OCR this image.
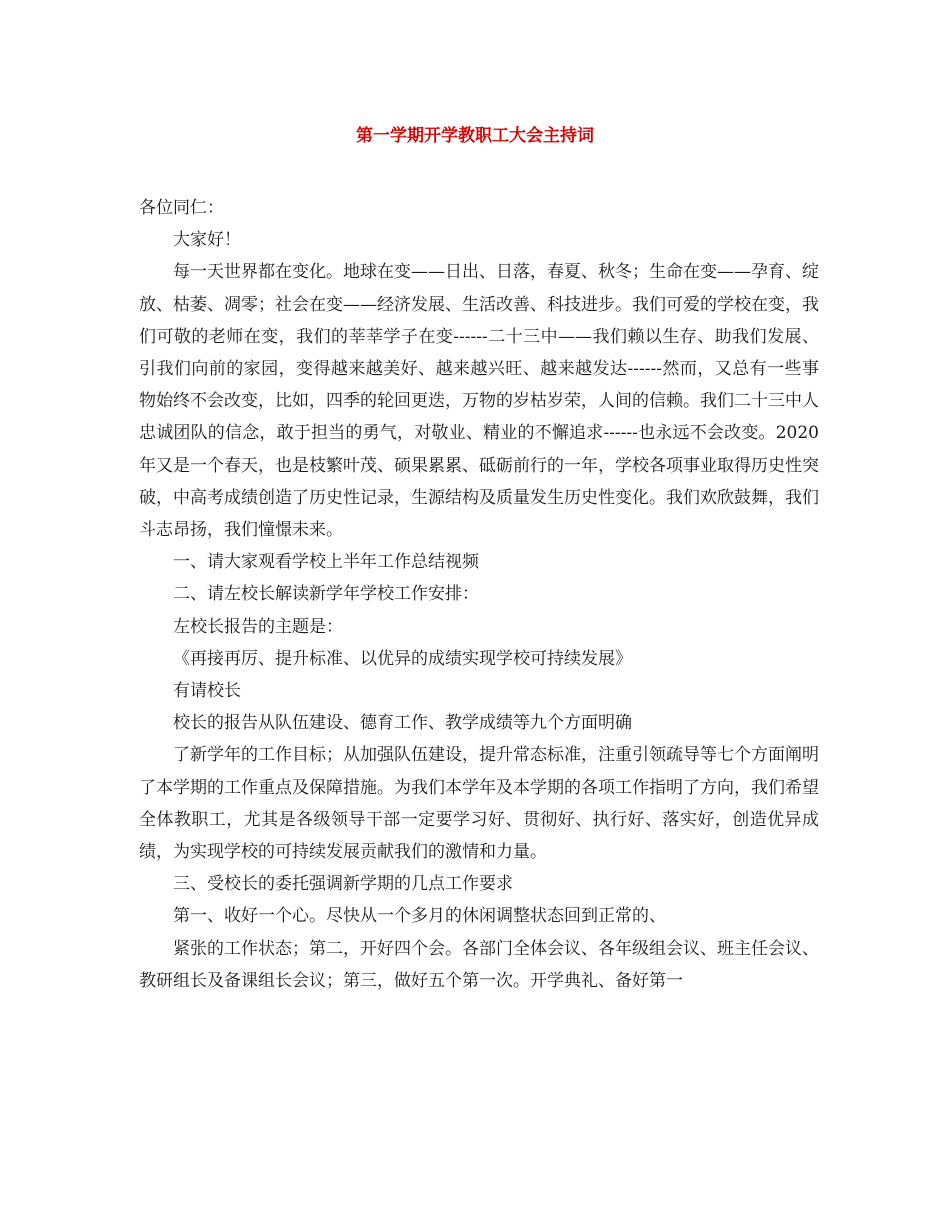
第一学期开学教职工大会主持词

各位同仁：

大家好！

每一天世界都在变化。地球在变——日出、日落，春夏、秋冬；生命在变——孕育、绽放、枯萎、凋零；社会在变——经济发展、生活改善、科技进步。我们可爱的学校在变，我们可敬的老师在变，我们的莘莘学子在变------二十三中——我们赖以生存、助我们发展、引我们向前的家园，变得越来越美好、越来越兴旺、越来越发达------然而，又总有一些事物始终不会改变，比如，四季的轮回更迭，万物的岁枯岁荣，人间的信赖。我们二十三中人忠诚团队的信念，敢于担当的勇气，对敬业、精业的不懈追求------也永远不会改变。2020年又是一个春天，也是枝繁叶茂、硕果累累、砥砺前行的一年，学校各项事业取得历史性突破，中高考成绩创造了历史性记录，生源结构及质量发生历史性变化。我们欢欣鼓舞，我们斗志昂扬，我们憧憬未来。

一、请大家观看学校上半年工作总结视频

二、请左校长解读新学年学校工作安排：

左校长报告的主题是：

《再接再厉、提升标准、以优异的成绩实现学校可持续发展》

有请校长

校长的报告从队伍建设、德育工作、教学成绩等九个方面明确

了新学年的工作目标；从加强队伍建设，提升常态标准，注重引领疏导等七个方面阐明了本学期的工作重点及保障措施。为我们本学年及本学期的各项工作指明了方向，我们希望全体教职工，尤其是各级领导干部一定要学习好、贯彻好、执行好、落实好，创造优异成绩，为实现学校的可持续发展贡献我们的激情和力量。

三、受校长的委托强调新学期的几点工作要求

第一、收好一个心。尽快从一个多月的休闲调整状态回到正常的、

紧张的工作状态；第二，开好四个会。各部门全体会议、各年级组会议、班主任会议、教研组长及备课组长会议；第三，做好五个第一次。开学典礼、备好第一
